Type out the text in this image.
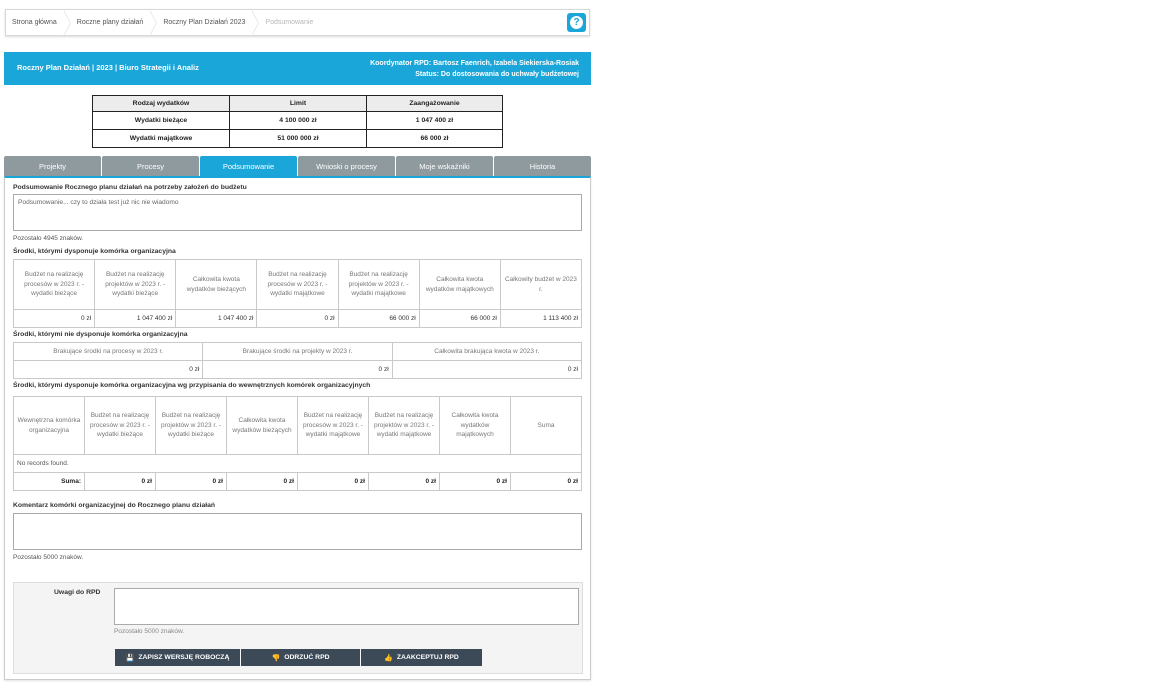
Strona główna	Roczne plany działań	Roczny Plan Działań 2023	Podsumowanie	?
Roczny Plan Działań | 2023 | Biuro Strategii i Analiz	Koordynator RPD: Bartosz Faenrich, Izabela Siekierska-Rosiak
Status: Do dostosowania do uchwały budżetowej
Rodzaj wydatków	Limit	Zaangażowanie
Wydatki bieżące	4 100 000 zł	1 047 400 zł
Wydatki majątkowe	51 000 000 zł	66 000 zł
Projekty	Procesy	Podsumowanie	Wnioski o procesy	Moje wskaźniki	Historia
Podsumowanie Rocznego planu działań na potrzeby założeń do budżetu
Podsumowanie... czy to działa test już nic nie wiadomo
Pozostało 4945 znaków.
Środki, którymi dysponuje komórka organizacyjna
Budżet na realizację procesów w 2023 r. - wydatki bieżące	Budżet na realizację projektów w 2023 r. - wydatki bieżące	Całkowita kwota wydatków bieżących	Budżet na realizację procesów w 2023 r. - wydatki majątkowe	Budżet na realizację projektów w 2023 r. - wydatki majątkowe	Całkowita kwota wydatków majątkowych	Całkowity budżet w 2023 r.
0 zł	1 047 400 zł	1 047 400 zł	0 zł	66 000 zł	66 000 zł	1 113 400 zł
Środki, którymi nie dysponuje komórka organizacyjna
Brakujące środki na procesy w 2023 r.	Brakujące środki na projekty w 2023 r.	Całkowita brakująca kwota w 2023 r.
0 zł	0 zł	0 zł
Środki, którymi dysponuje komórka organizacyjna wg przypisania do wewnętrznych komórek organizacyjnych
Wewnętrzna komórka organizacyjna	Budżet na realizację procesów w 2023 r. - wydatki bieżące	Budżet na realizację projektów w 2023 r. - wydatki bieżące	Całkowita kwota wydatków bieżących	Budżet na realizację procesów w 2023 r. - wydatki majątkowe	Budżet na realizację projektów w 2023 r. - wydatki majątkowe	Całkowita kwota wydatków majątkowych	Suma
No records found.							
Suma:	0 zł	0 zł	0 zł	0 zł	0 zł	0 zł	0 zł
Komentarz komórki organizacyjnej do Rocznego planu działań
Pozostało 5000 znaków.
Uwagi do RPD
Pozostało 5000 znaków.
💾 ZAPISZ WERSJĘ ROBOCZĄ	👎 ODRZUĆ RPD	👍 ZAAKCEPTUJ RPD
